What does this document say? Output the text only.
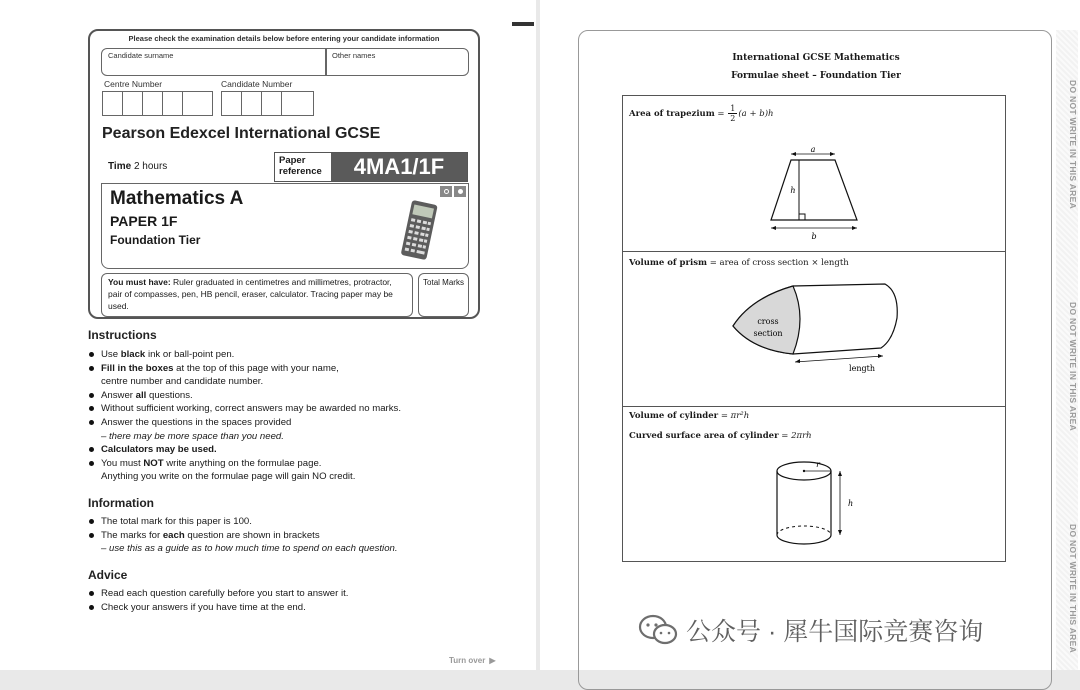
Please check the examination details below before entering your candidate information
Candidate surname	Other names
Centre Number	Candidate Number
Pearson Edexcel International GCSE
Time 2 hours
Paper
reference	4MA1/1F
Mathematics A
PAPER 1F
Foundation Tier
You must have: Ruler graduated in centimetres and millimetres, protractor, pair of compasses, pen, HB pencil, eraser, calculator. Tracing paper may be used.
Total Marks
Instructions
Use black ink or ball-point pen.
Fill in the boxes at the top of this page with your name,
centre number and candidate number.
Answer all questions.
Without sufficient working, correct answers may be awarded no marks.
Answer the questions in the spaces provided
– there may be more space than you need.
Calculators may be used.
You must NOT write anything on the formulae page.
Anything you write on the formulae page will gain NO credit.
Information
The total mark for this paper is 100.
The marks for each question are shown in brackets
– use this as a guide as to how much time to spend on each question.
Advice
Read each question carefully before you start to answer it.
Check your answers if you have time at the end.
Turn over ▶
International GCSE Mathematics
Formulae sheet – Foundation Tier
Area of trapezium = $\frac{1}{2} (a + b)h$
a
h
b
Volume of prism = area of cross section × length
cross
section
length
Volume of cylinder = πr²h
Curved surface area of cylinder = 2πrh
r
h
DO NOT WRITE IN THIS AREA
DO NOT WRITE IN THIS AREA
DO NOT WRITE IN THIS AREA
公众号 · 犀牛国际竞赛咨询
